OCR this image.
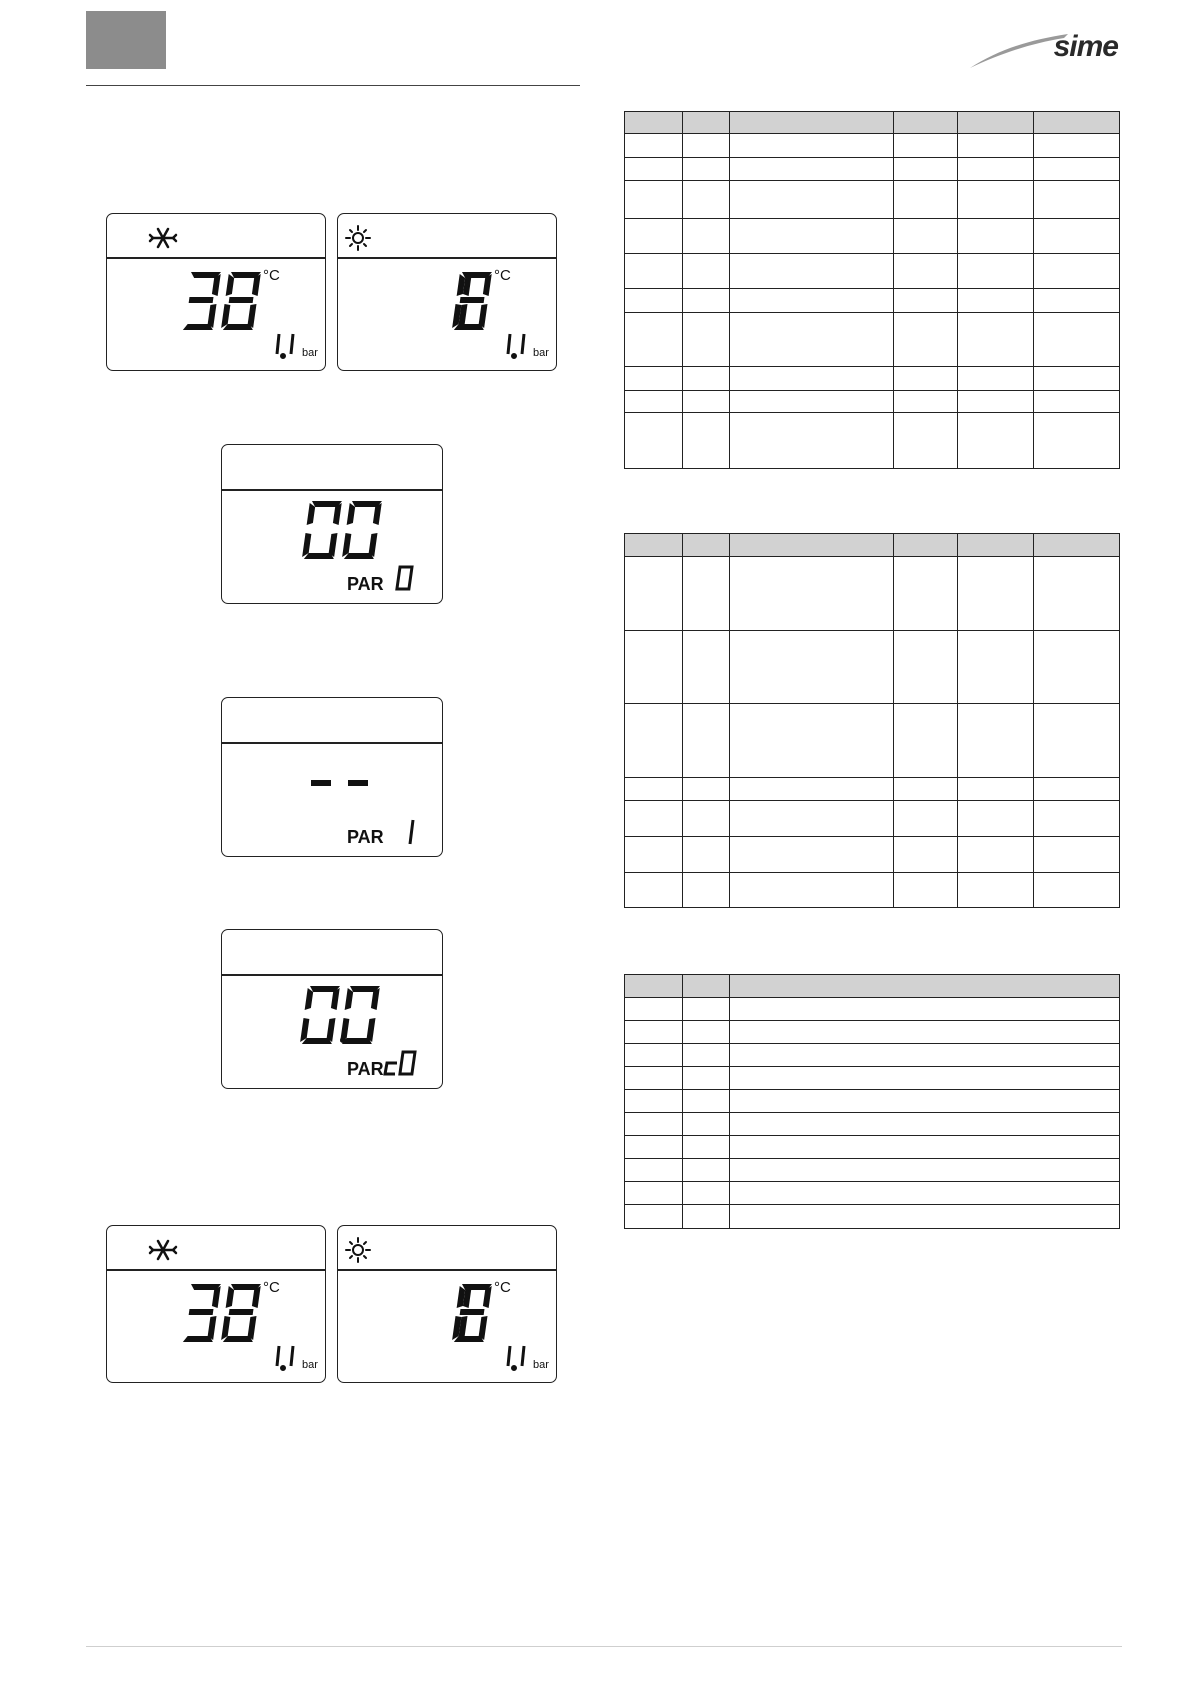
sime
°C
bar
°C
bar
PAR
PAR
PAR
°C
bar
°C
bar
